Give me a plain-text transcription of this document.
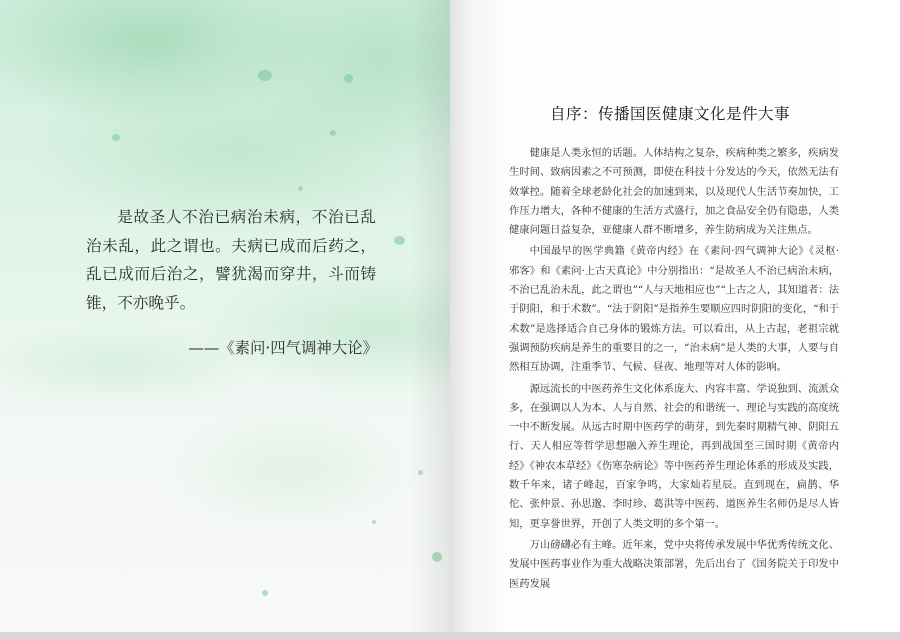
是故圣人不治已病治未病，不治已乱治未乱，此之谓也。夫病已成而后药之，乱已成而后治之，譬犹渴而穿井，斗而铸锥，不亦晚乎。

——《素问·四气调神大论》
自序：传播国医健康文化是件大事

健康是人类永恒的话题。人体结构之复杂，疾病种类之繁多，疾病发生时间、致病因素之不可预测，即使在科技十分发达的今天，依然无法有效掌控。随着全球老龄化社会的加速到来，以及现代人生活节奏加快，工作压力增大，各种不健康的生活方式盛行，加之食品安全仍有隐患，人类健康问题日益复杂，亚健康人群不断增多，养生防病成为关注焦点。

中国最早的医学典籍《黄帝内经》在《素问·四气调神大论》《灵枢·邪客》和《素问·上古天真论》中分别指出：“是故圣人不治已病治未病，不治已乱治未乱，此之谓也”“人与天地相应也”“上古之人，其知道者：法于阴阳，和于术数”。“法于阴阳”是指养生要顺应四时阴阳的变化，“和于术数”是选择适合自己身体的锻炼方法。可以看出，从上古起，老祖宗就强调预防疾病是养生的重要目的之一，“治未病”是人类的大事，人要与自然相互协调，注重季节、气候、昼夜、地理等对人体的影响。

源远流长的中医药养生文化体系庞大、内容丰富、学说独到、流派众多，在强调以人为本、人与自然、社会的和谐统一、理论与实践的高度统一中不断发展。从远古时期中医药学的萌芽，到先秦时期精气神、阴阳五行、天人相应等哲学思想融入养生理论，再到战国至三国时期《黄帝内经》《神农本草经》《伤寒杂病论》等中医药养生理论体系的形成及实践，数千年来，诸子峰起，百家争鸣，大家灿若星辰。直到现在，扁鹊、华佗、张仲景、孙思邈、李时珍、葛洪等中医药、道医养生名师仍是尽人皆知，更享誉世界，开创了人类文明的多个第一。

万山磅礴必有主峰。近年来，党中央将传承发展中华优秀传统文化、发展中医药事业作为重大战略决策部署，先后出台了《国务院关于印发中医药发展
